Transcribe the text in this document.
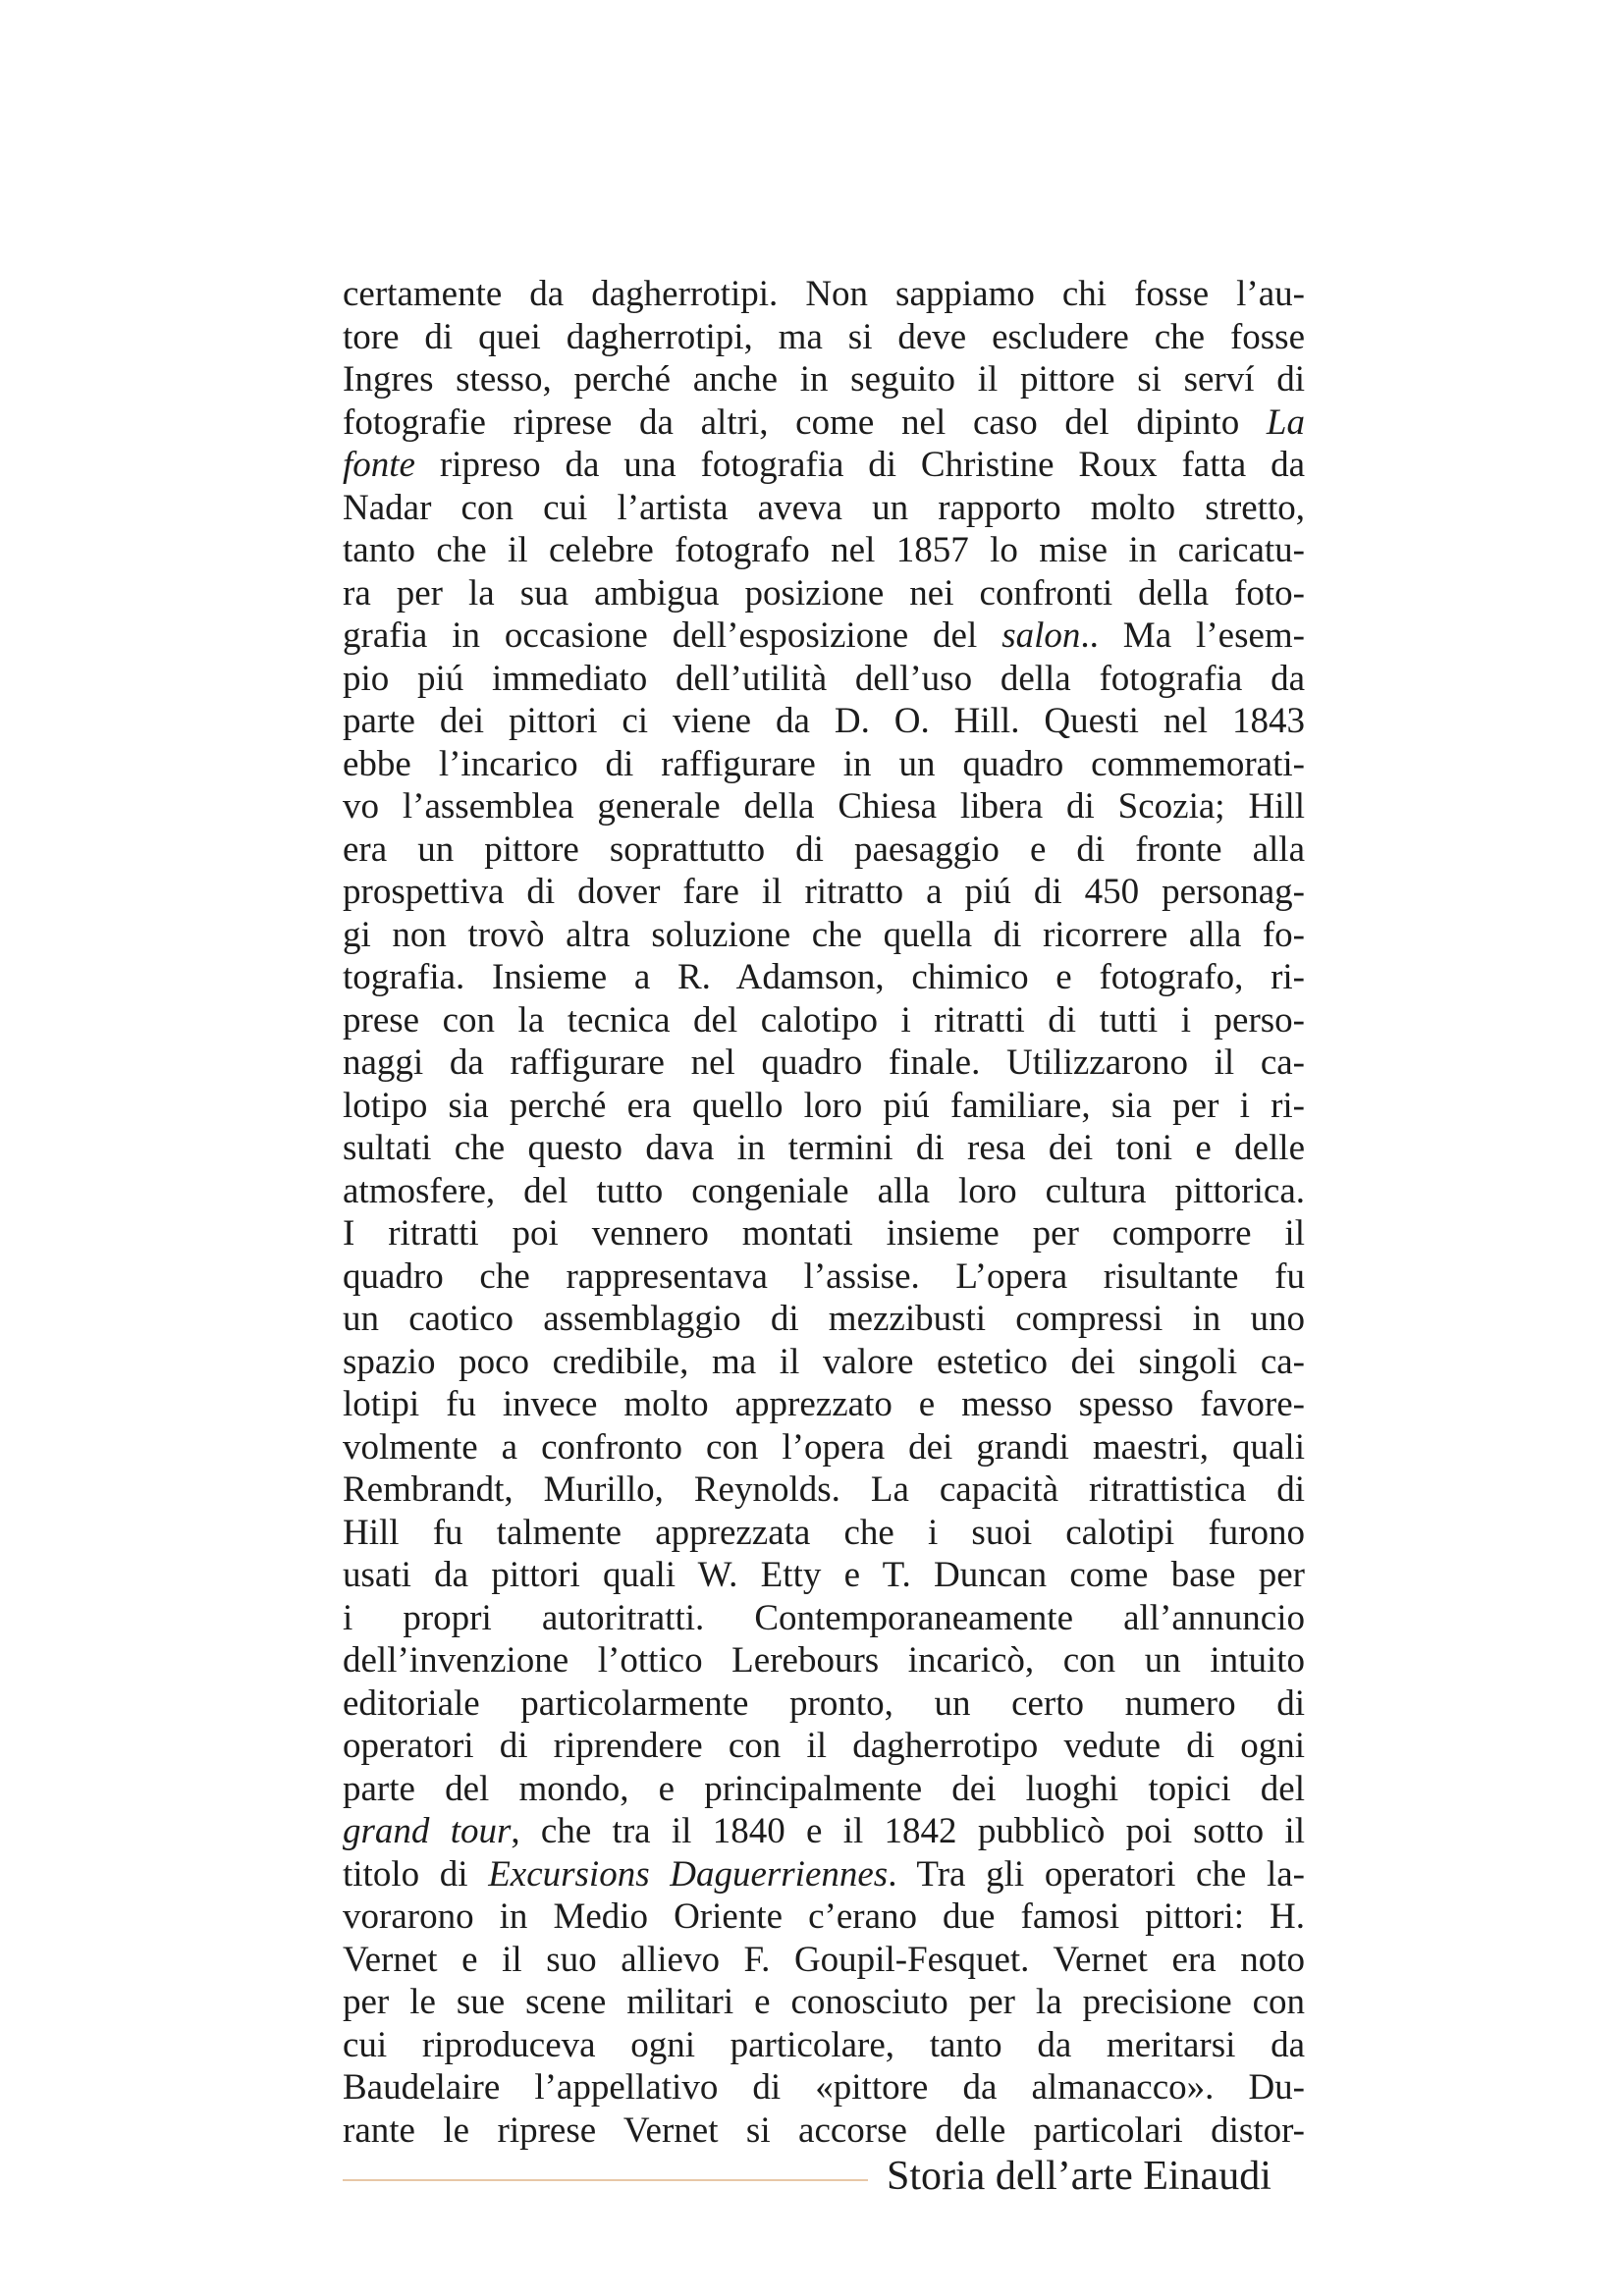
certamente da dagherrotipi. Non sappiamo chi fosse l’au-
tore di quei dagherrotipi, ma si deve escludere che fosse
Ingres stesso, perché anche in seguito il pittore si serví di
fotografie riprese da altri, come nel caso del dipinto La
fonte ripreso da una fotografia di Christine Roux fatta da
Nadar con cui l’artista aveva un rapporto molto stretto,
tanto che il celebre fotografo nel 1857 lo mise in caricatu-
ra per la sua ambigua posizione nei confronti della foto-
grafia in occasione dell’esposizione del salon.. Ma l’esem-
pio piú immediato dell’utilità dell’uso della fotografia da
parte dei pittori ci viene da D. O. Hill. Questi nel 1843
ebbe l’incarico di raffigurare in un quadro commemorati-
vo l’assemblea generale della Chiesa libera di Scozia; Hill
era un pittore soprattutto di paesaggio e di fronte alla
prospettiva di dover fare il ritratto a piú di 450 personag-
gi non trovò altra soluzione che quella di ricorrere alla fo-
tografia. Insieme a R. Adamson, chimico e fotografo, ri-
prese con la tecnica del calotipo i ritratti di tutti i perso-
naggi da raffigurare nel quadro finale. Utilizzarono il ca-
lotipo sia perché era quello loro piú familiare, sia per i ri-
sultati che questo dava in termini di resa dei toni e delle
atmosfere, del tutto congeniale alla loro cultura pittorica.
I ritratti poi vennero montati insieme per comporre il
quadro che rappresentava l’assise. L’opera risultante fu
un caotico assemblaggio di mezzibusti compressi in uno
spazio poco credibile, ma il valore estetico dei singoli ca-
lotipi fu invece molto apprezzato e messo spesso favore-
volmente a confronto con l’opera dei grandi maestri, quali
Rembrandt, Murillo, Reynolds. La capacità ritrattistica di
Hill fu talmente apprezzata che i suoi calotipi furono
usati da pittori quali W. Etty e T. Duncan come base per
i propri autoritratti. Contemporaneamente all’annuncio
dell’invenzione l’ottico Lerebours incaricò, con un intuito
editoriale particolarmente pronto, un certo numero di
operatori di riprendere con il dagherrotipo vedute di ogni
parte del mondo, e principalmente dei luoghi topici del
grand tour, che tra il 1840 e il 1842 pubblicò poi sotto il
titolo di Excursions Daguerriennes. Tra gli operatori che la-
vorarono in Medio Oriente c’erano due famosi pittori: H.
Vernet e il suo allievo F. Goupil-Fesquet. Vernet era noto
per le sue scene militari e conosciuto per la precisione con
cui riproduceva ogni particolare, tanto da meritarsi da
Baudelaire l’appellativo di «pittore da almanacco». Du-
rante le riprese Vernet si accorse delle particolari distor-
Storia dell’arte Einaudi
